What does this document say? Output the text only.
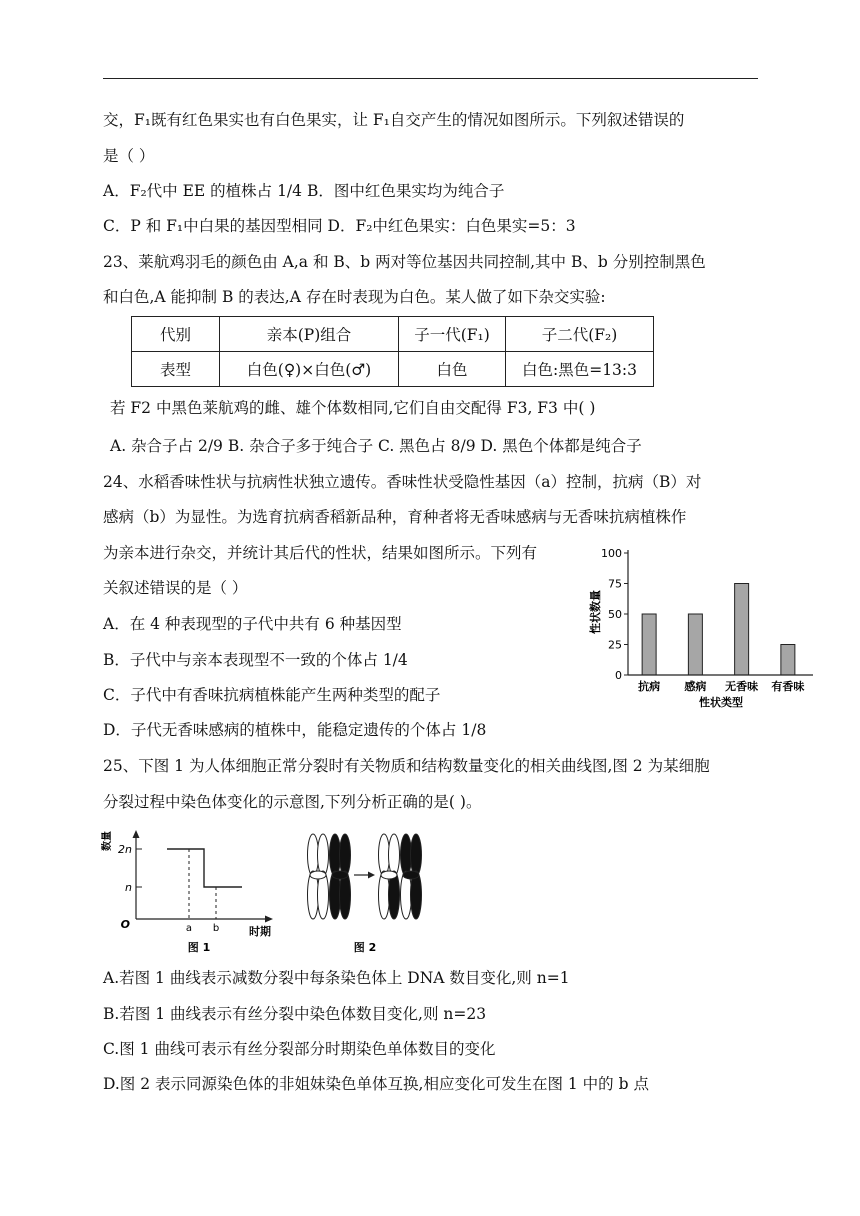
交，F₁既有红色果实也有白色果实，让 F₁自交产生的情况如图所示。下列叙述错误的
是（ ）
A．F₂代中 EE 的植株占 1/4 B．图中红色果实均为纯合子
C．P 和 F₁中白果的基因型相同 D．F₂中红色果实：白色果实=5：3
23、莱航鸡羽毛的颜色由 A,a 和 B、b 两对等位基因共同控制,其中 B、b 分别控制黑色
和白色,A 能抑制 B 的表达,A 存在时表现为白色。某人做了如下杂交实验:
代别	亲本(P)组合	子一代(F₁)	子二代(F₂)
表型	白色(♀)×白色(♂)	白色	白色:黑色=13:3
若 F2 中黑色莱航鸡的雌、雄个体数相同,它们自由交配得 F3, F3 中( )
A. 杂合子占 2/9 B. 杂合子多于纯合子 C. 黑色占 8/9 D. 黑色个体都是纯合子
24、水稻香味性状与抗病性状独立遗传。香味性状受隐性基因（a）控制，抗病（B）对
感病（b）为显性。为选育抗病香稻新品种，育种者将无香味感病与无香味抗病植株作
为亲本进行杂交，并统计其后代的性状，结果如图所示。下列有
关叙述错误的是（ ）
A．在 4 种表现型的子代中共有 6 种基因型
B．子代中与亲本表现型不一致的个体占 1/4
C．子代中有香味抗病植株能产生两种类型的配子
D．子代无香味感病的植株中，能稳定遗传的个体占 1/8
0
25
50
75
100
抗病 感病 无香味 有香味
性状数量
性状类型
25、下图 1 为人体细胞正常分裂时有关物质和结构数量变化的相关曲线图,图 2 为某细胞
分裂过程中染色体变化的示意图,下列分析正确的是( )。
数量 2n
n
O	a b	时期
图 1	图 2
A.若图 1 曲线表示减数分裂中每条染色体上 DNA 数目变化,则 n=1
B.若图 1 曲线表示有丝分裂中染色体数目变化,则 n=23
C.图 1 曲线可表示有丝分裂部分时期染色单体数目的变化
D.图 2 表示同源染色体的非姐妹染色单体互换,相应变化可发生在图 1 中的 b 点
